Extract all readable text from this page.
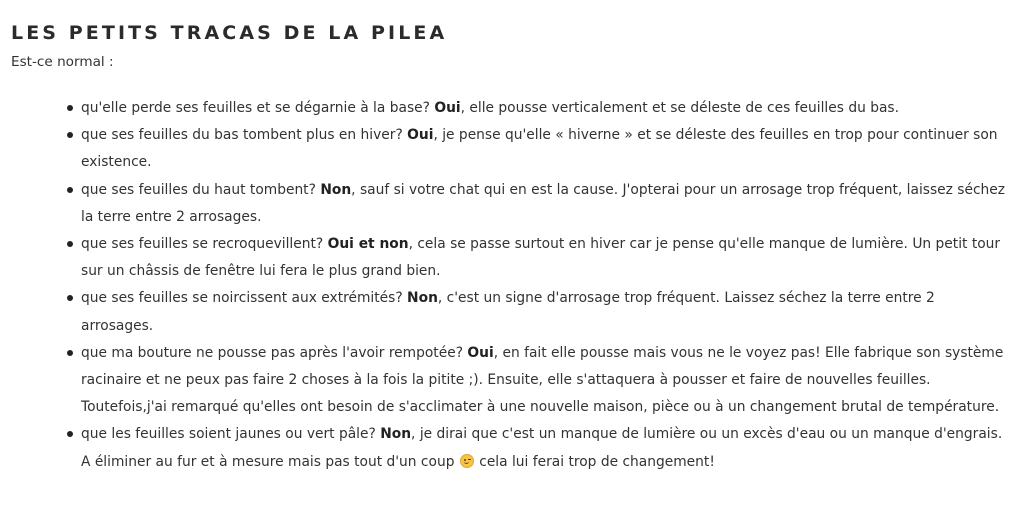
LES PETITS TRACAS DE LA PILEA

Est-ce normal :

qu'elle perde ses feuilles et se dégarnie à la base? Oui, elle pousse verticalement et se déleste de ces feuilles du bas.
que ses feuilles du bas tombent plus en hiver? Oui, je pense qu'elle « hiverne » et se déleste des feuilles en trop pour continuer son existence.
que ses feuilles du haut tombent? Non, sauf si votre chat qui en est la cause. J'opterai pour un arrosage trop fréquent, laissez séchez la terre entre 2 arrosages.
que ses feuilles se recroquevillent? Oui et non, cela se passe surtout en hiver car je pense qu'elle manque de lumière. Un petit tour sur un châssis de fenêtre lui fera le plus grand bien.
que ses feuilles se noircissent aux extrémités? Non, c'est un signe d'arrosage trop fréquent. Laissez séchez la terre entre 2 arrosages.
que ma bouture ne pousse pas après l'avoir rempotée? Oui, en fait elle pousse mais vous ne le voyez pas! Elle fabrique son système racinaire et ne peux pas faire 2 choses à la fois la pitite ;). Ensuite, elle s'attaquera à pousser et faire de nouvelles feuilles. Toutefois,j'ai remarqué qu'elles ont besoin de s'acclimater à une nouvelle maison, pièce ou à un changement brutal de température.
que les feuilles soient jaunes ou vert pâle? Non, je dirai que c'est un manque de lumière ou un excès d'eau ou un manque d'engrais. A éliminer au fur et à mesure mais pas tout d'un coup
cela lui ferai trop de changement!
